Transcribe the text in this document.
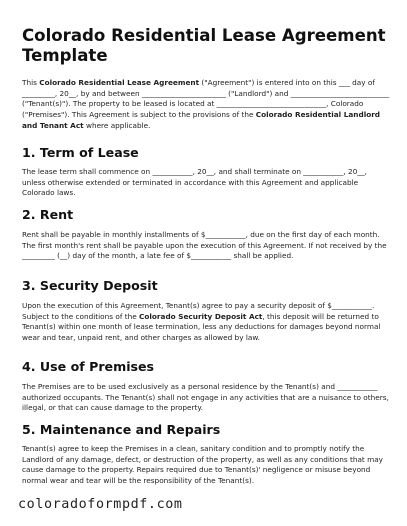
Colorado Residential Lease Agreement Template

This Colorado Residential Lease Agreement ("Agreement") is entered into on this ___ day of _________, 20__, by and between _______________________ ("Landlord") and ___________________________ ("Tenant(s)"). The property to be leased is located at ______________________________, Colorado ("Premises"). This Agreement is subject to the provisions of the Colorado Residential Landlord and Tenant Act where applicable.

1. Term of Lease

The lease term shall commence on ___________, 20__, and shall terminate on ___________, 20__, unless otherwise extended or terminated in accordance with this Agreement and applicable Colorado laws.

2. Rent

Rent shall be payable in monthly installments of $___________, due on the first day of each month. The first month's rent shall be payable upon the execution of this Agreement. If not received by the _________ (__) day of the month, a late fee of $___________ shall be applied.

3. Security Deposit

Upon the execution of this Agreement, Tenant(s) agree to pay a security deposit of $___________. Subject to the conditions of the Colorado Security Deposit Act, this deposit will be returned to Tenant(s) within one month of lease termination, less any deductions for damages beyond normal wear and tear, unpaid rent, and other charges as allowed by law.

4. Use of Premises

The Premises are to be used exclusively as a personal residence by the Tenant(s) and ___________ authorized occupants. The Tenant(s) shall not engage in any activities that are a nuisance to others, illegal, or that can cause damage to the property.

5. Maintenance and Repairs

Tenant(s) agree to keep the Premises in a clean, sanitary condition and to promptly notify the Landlord of any damage, defect, or destruction of the property, as well as any conditions that may cause damage to the property. Repairs required due to Tenant(s)' negligence or misuse beyond normal wear and tear will be the responsibility of the Tenant(s).

coloradoformpdf.com
